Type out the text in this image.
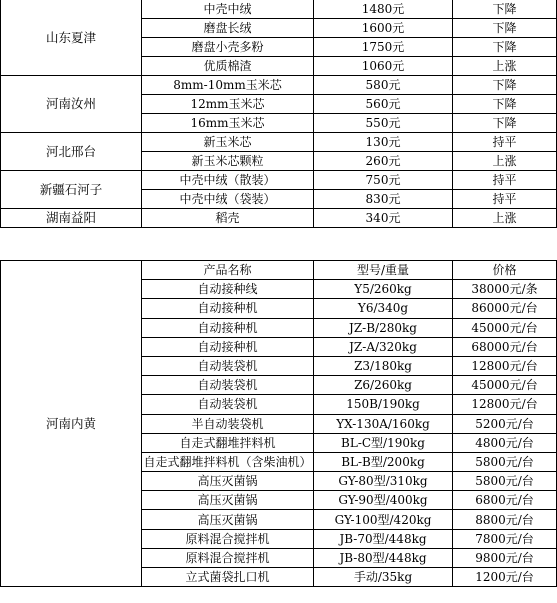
山东夏津	中壳中绒	1480元	下降
	磨盘长绒	1600元	下降
	磨盘小壳多粉	1750元	下降
	优质棉渣	1060元	上涨
河南汝州	8mm-10mm玉米芯	580元	下降
	12mm玉米芯	560元	下降
	16mm玉米芯	550元	下降
河北邢台	新玉米芯	130元	持平
	新玉米芯颗粒	260元	上涨
新疆石河子	中壳中绒（散装）	750元	持平
	中壳中绒（袋装）	830元	持平
湖南益阳	稻壳	340元	上涨
河南内黄	产品名称	型号/重量	价格
	自动接种线	Y5/260kg	38000元/条
	自动接种机	Y6/340g	86000元/台
	自动接种机	JZ-B/280kg	45000元/台
	自动接种机	JZ-A/320kg	68000元/台
	自动装袋机	Z3/180kg	12800元/台
	自动装袋机	Z6/260kg	45000元/台
	自动装袋机	150B/190kg	12800元/台
	半自动装袋机	YX-130A/160kg	5200元/台
	自走式翻堆拌料机	BL-C型/190kg	4800元/台
	自走式翻堆拌料机（含柴油机）	BL-B型/200kg	5800元/台
	高压灭菌锅	GY-80型/310kg	5800元/台
	高压灭菌锅	GY-90型/400kg	6800元/台
	高压灭菌锅	GY-100型/420kg	8800元/台
	原料混合搅拌机	JB-70型/448kg	7800元/台
	原料混合搅拌机	JB-80型/448kg	9800元/台
	立式菌袋扎口机	手动/35kg	1200元/台
